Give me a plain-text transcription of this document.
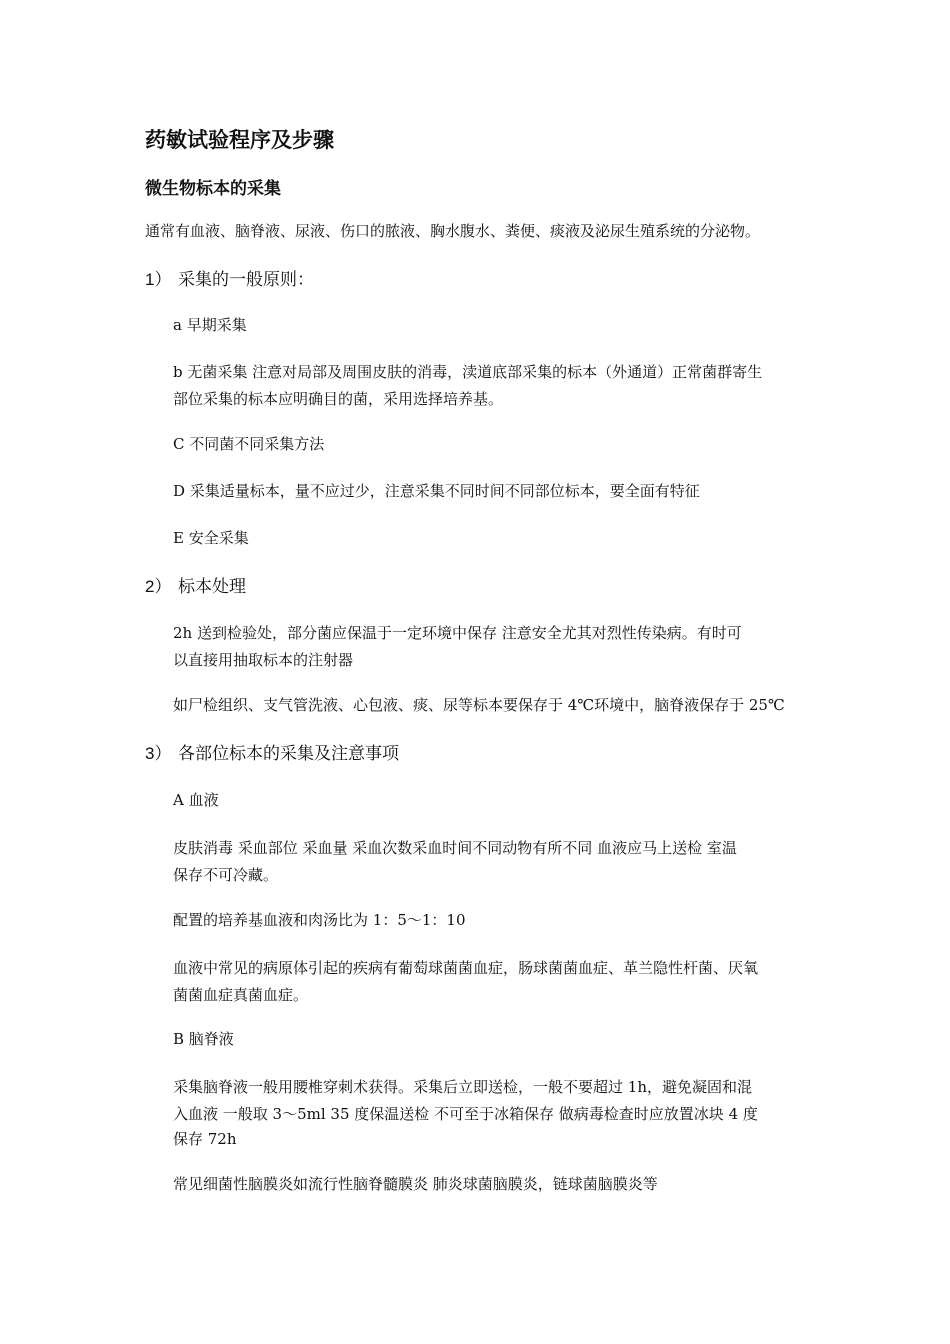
药敏试验程序及步骤
微生物标本的采集

通常有血液、脑脊液、尿液、伤口的脓液、胸水腹水、粪便、痰液及泌尿生殖系统的分泌物。

1） 采集的一般原则：

a 早期采集

b 无菌采集 注意对局部及周围皮肤的消毒，渎道底部采集的标本（外通道）正常菌群寄生

部位采集的标本应明确目的菌，采用选择培养基。

C 不同菌不同采集方法

D 采集适量标本，量不应过少，注意采集不同时间不同部位标本，要全面有特征

E 安全采集

2） 标本处理

2h 送到检验处，部分菌应保温于一定环境中保存 注意安全尤其对烈性传染病。有时可

以直接用抽取标本的注射器

如尸检组织、支气管洗液、心包液、痰、尿等标本要保存于 4℃环境中，脑脊液保存于 25℃

3） 各部位标本的采集及注意事项

A 血液

皮肤消毒 采血部位 采血量 采血次数采血时间不同动物有所不同 血液应马上送检 室温

保存不可冷藏。

配置的培养基血液和肉汤比为 1：5～1：10

血液中常见的病原体引起的疾病有葡萄球菌菌血症，肠球菌菌血症、革兰隐性杆菌、厌氧

菌菌血症真菌血症。

B 脑脊液

采集脑脊液一般用腰椎穿刺术获得。采集后立即送检，一般不要超过 1h，避免凝固和混

入血液 一般取 3～5ml 35 度保温送检 不可至于冰箱保存 做病毒检查时应放置冰块 4 度

保存 72h

常见细菌性脑膜炎如流行性脑脊髓膜炎 肺炎球菌脑膜炎，链球菌脑膜炎等
